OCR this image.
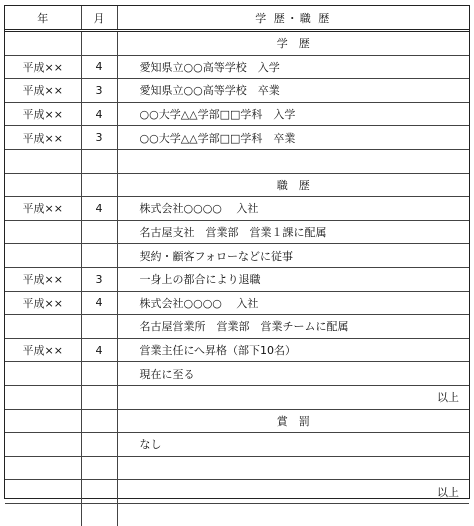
年	月	学 歴・職 歴
		学　歴
平成××	4	愛知県立○○高等学校　入学
平成××	3	愛知県立○○高等学校　卒業
平成××	4	○○大学△△学部□□学科　入学
平成××	3	○○大学△△学部□□学科　卒業

		職　歴
平成××	4	株式会社○○○○　 入社
		名古屋支社　営業部　営業１課に配属
		契約・顧客フォローなどに従事
平成××	3	一身上の都合により退職
平成××	4	株式会社○○○○　 入社
		名古屋営業所　営業部　営業チームに配属
平成××	4	営業主任にへ昇格（部下10名）
		現在に至る
		以上
		賞　罰
		なし

		以上
